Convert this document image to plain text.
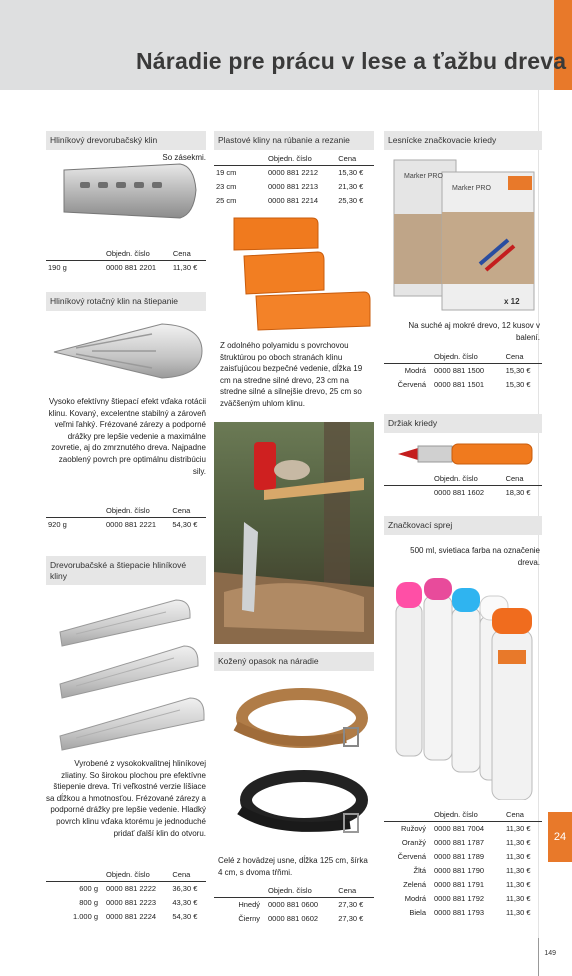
Náradie pre prácu v lese a ťažbu dreva
Hliníkový drevorubačský klin
So zásekmi.
	Objedn. číslo	Cena
190 g	0000 881 2201	11,30 €
Hliníkový rotačný klin na štiepanie
Vysoko efektívny štiepací efekt vďaka rotácii klinu. Kovaný, excelentne stabilný a zároveň veľmi ľahký. Frézované zárezy a podporné drážky pre lepšie vedenie a maximálne zovretie, aj do zmrznutého dreva. Najpadne zaoblený povrch pre optimálnu distribúciu sily.
	Objedn. číslo	Cena
920 g	0000 881 2221	54,30 €
Drevorubačské a štiepacie hliníkové kliny
Vyrobené z vysokokvalitnej hliníkovej zliatiny. So širokou plochou pre efektívne štiepenie dreva. Tri veľkostné verzie líšiace sa dĺžkou a hmotnosťou. Frézované zárezy a podporné drážky pre lepšie vedenie. Hladký povrch klinu vďaka ktorému je jednoduché pridať ďalší klin do otvoru.
	Objedn. číslo	Cena
600 g	0000 881 2222	36,30 €
800 g	0000 881 2223	43,30 €
1.000 g	0000 881 2224	54,30 €
Plastové kliny na rúbanie a rezanie
	Objedn. číslo	Cena
19 cm	0000 881 2212	15,30 €
23 cm	0000 881 2213	21,30 €
25 cm	0000 881 2214	25,30 €
Z odolného polyamidu s povrchovou štruktúrou po oboch stranách klinu zaisťujúcou bezpečné vedenie, dĺžka 19 cm na stredne silné drevo, 23 cm na stredne silné a silnejšie drevo, 25 cm so zväčšeným uhlom klinu.
Kožený opasok na náradie
Celé z hovädzej usne, dĺžka 125 cm, šírka 4 cm, s dvoma tŕňmi.
	Objedn. číslo	Cena
Hnedý	0000 881 0600	27,30 €
Čierny	0000 881 0602	27,30 €
Lesnícke značkovacie kriedy
Marker PRO
Marker PRO
x 12
Na suché aj mokré drevo, 12 kusov v balení.
	Objedn. číslo	Cena
Modrá	0000 881 1500	15,30 €
Červená	0000 881 1501	15,30 €
Držiak kriedy
	Objedn. číslo	Cena
	0000 881 1602	18,30 €
Značkovací sprej
500 ml, svietiaca farba na označenie dreva.
	Objedn. číslo	Cena
Ružový	0000 881 7004	11,30 €
Oranžý	0000 881 1787	11,30 €
Červená	0000 881 1789	11,30 €
Žltá	0000 881 1790	11,30 €
Zelená	0000 881 1791	11,30 €
Modrá	0000 881 1792	11,30 €
Biela	0000 881 1793	11,30 €
24
149
